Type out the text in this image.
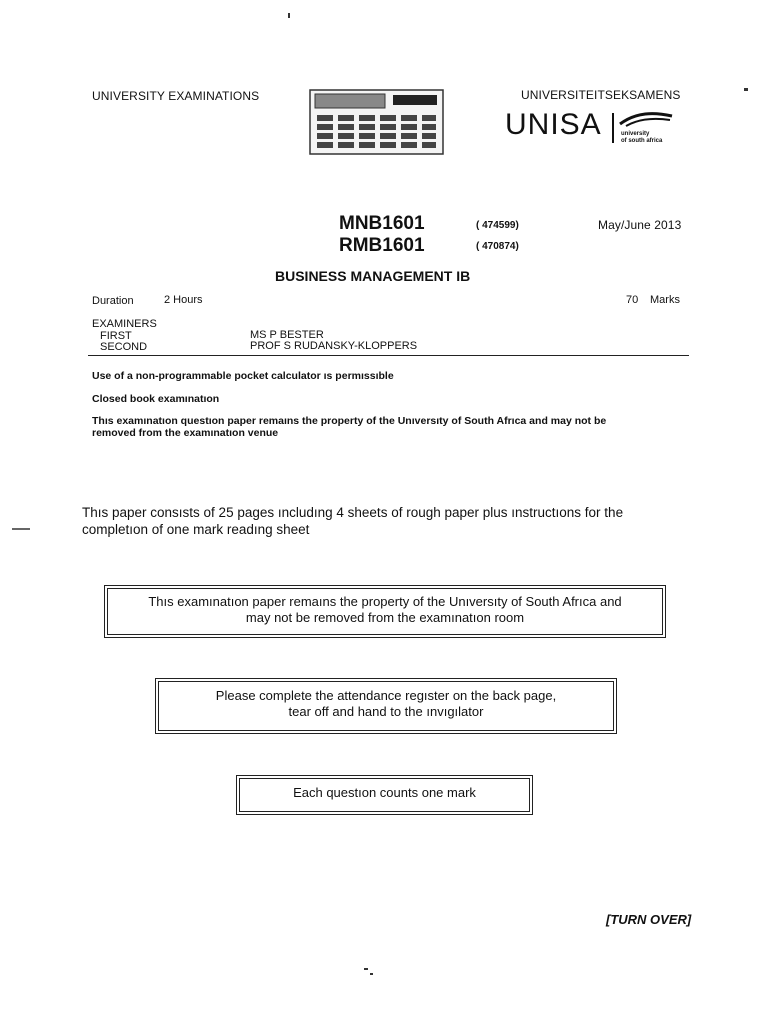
UNIVERSITY EXAMINATIONS	UNIVERSITEITSEKSAMENS
UNISA	university
of south africa
MNB1601	( 474599)
RMB1601	( 470874)
May/June 2013
BUSINESS MANAGEMENT IB
Duration	2 Hours	70 Marks
EXAMINERS
FIRST	MS P BESTER
SECOND	PROF S RUDANSKY-KLOPPERS
Use of a non-programmable pocket calculator ıs permıssıble
Closed book examınatıon
Thıs examınatıon questıon paper remaıns the property of the Unıversıty of South Afrıca and may not be
removed from the examınatıon venue
Thıs paper consısts of 25 pages ıncludıng 4 sheets of rough paper plus ınstructıons for the
completıon of one mark readıng sheet
Thıs examınatıon paper remaıns the property of the Unıversıty of South Afrıca and
may not be removed from the examınatıon room
Please complete the attendance regıster on the back page,
tear off and hand to the ınvıgılator
Each questıon counts one mark
[TURN OVER]
